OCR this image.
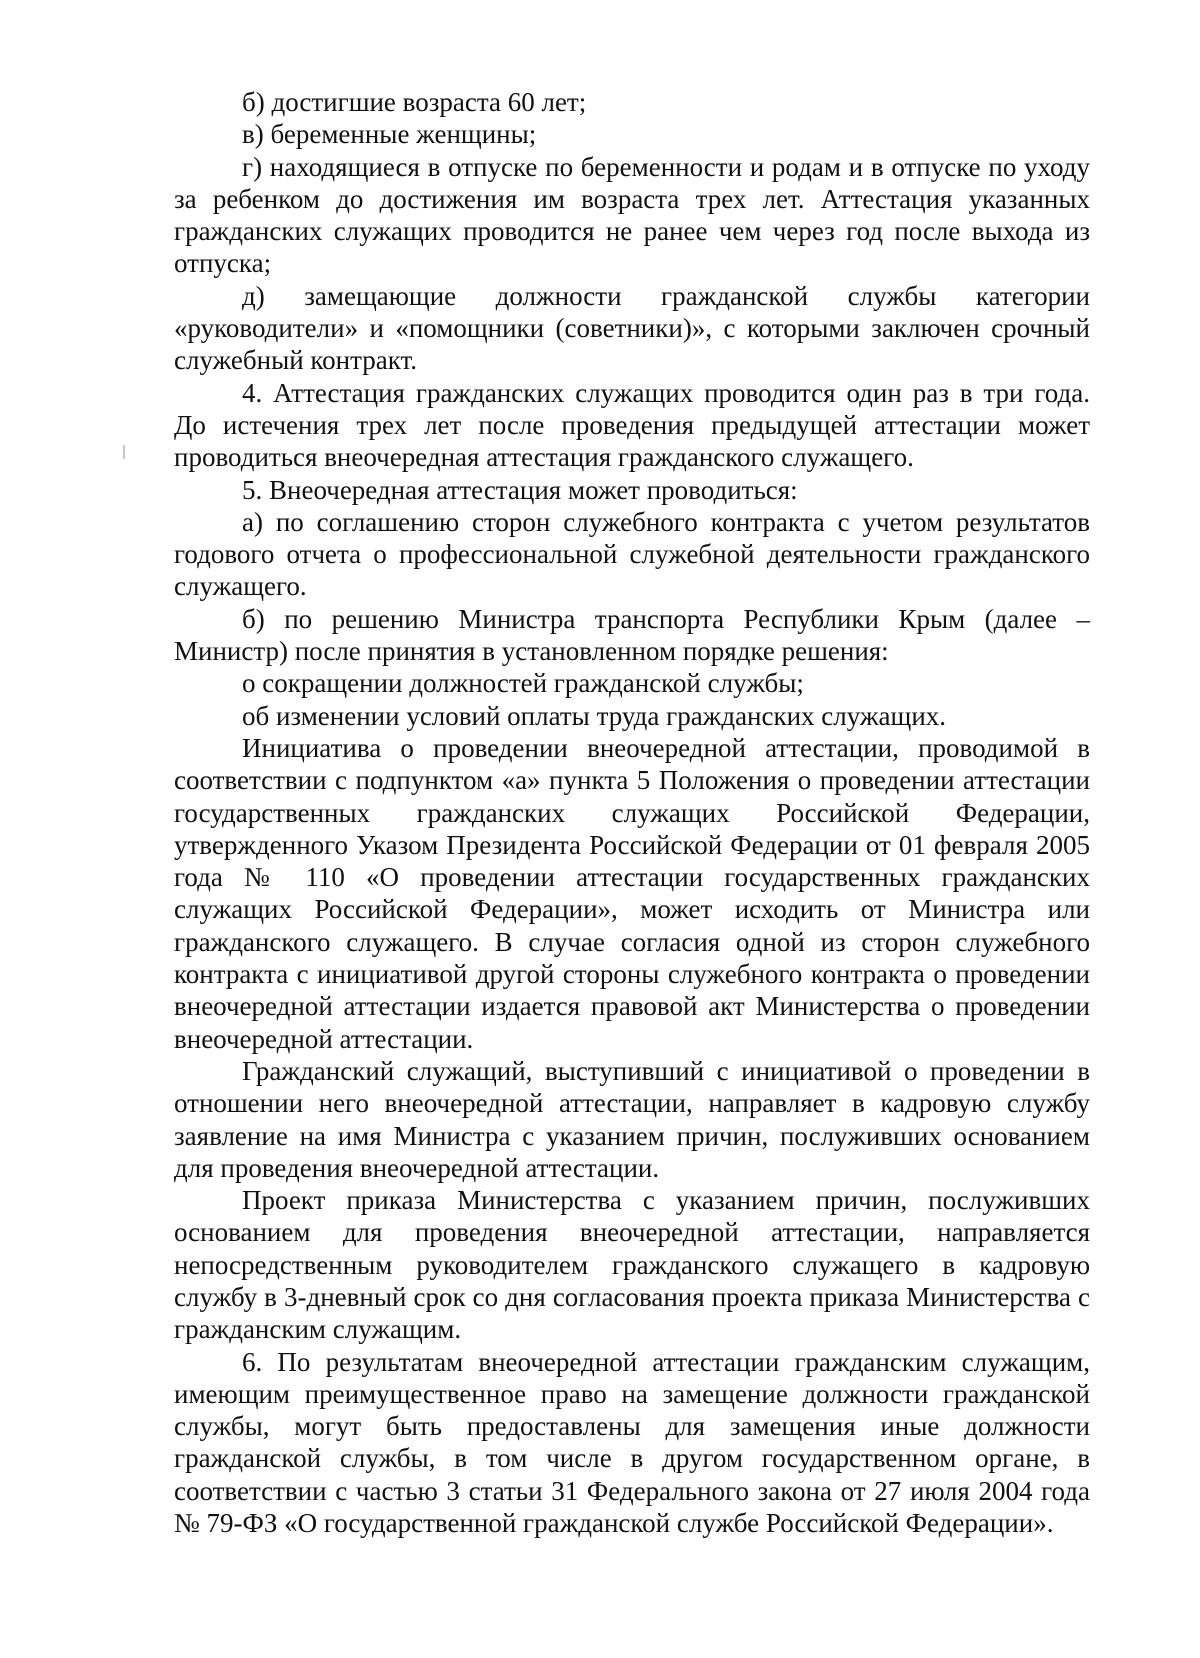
б) достигшие возраста 60 лет;

в) беременные женщины;

г) находящиеся в отпуске по беременности и родам и в отпуске по уходу за ребенком до достижения им возраста трех лет. Аттестация указанных гражданских служащих проводится не ранее чем через год после выхода из отпуска;

д) замещающие должности гражданской службы категории «руководители» и «помощники (советники)», с которыми заключен срочный служебный контракт.

4. Аттестация гражданских служащих проводится один раз в три года. До истечения трех лет после проведения предыдущей аттестации может проводиться внеочередная аттестация гражданского служащего.

5. Внеочередная аттестация может проводиться:

а) по соглашению сторон служебного контракта с учетом результатов годового отчета о профессиональной служебной деятельности гражданского служащего.

б) по решению Министра транспорта Республики Крым (далее – Министр) после принятия в установленном порядке решения:

о сокращении должностей гражданской службы;

об изменении условий оплаты труда гражданских служащих.

Инициатива о проведении внеочередной аттестации, проводимой в соответствии с подпунктом «а» пункта 5 Положения о проведении аттестации государственных гражданских служащих Российской Федерации, утвержденного Указом Президента Российской Федерации от 01 февраля 2005 года № 110 «О проведении аттестации государственных гражданских служащих Российской Федерации», может исходить от Министра или гражданского служащего. В случае согласия одной из сторон служебного контракта с инициативой другой стороны служебного контракта о проведении внеочередной аттестации издается правовой акт Министерства о проведении внеочередной аттестации.

Гражданский служащий, выступивший с инициативой о проведении в отношении него внеочередной аттестации, направляет в кадровую службу заявление на имя Министра с указанием причин, послуживших основанием для проведения внеочередной аттестации.

Проект приказа Министерства с указанием причин, послуживших основанием для проведения внеочередной аттестации, направляется непосредственным руководителем гражданского служащего в кадровую службу в 3-дневный срок со дня согласования проекта приказа Министерства с гражданским служащим.

6. По результатам внеочередной аттестации гражданским служащим, имеющим преимущественное право на замещение должности гражданской службы, могут быть предоставлены для замещения иные должности гражданской службы, в том числе в другом государственном органе, в соответствии с частью 3 статьи 31 Федерального закона от 27 июля 2004 года № 79-ФЗ «О государственной гражданской службе Российской Федерации».
